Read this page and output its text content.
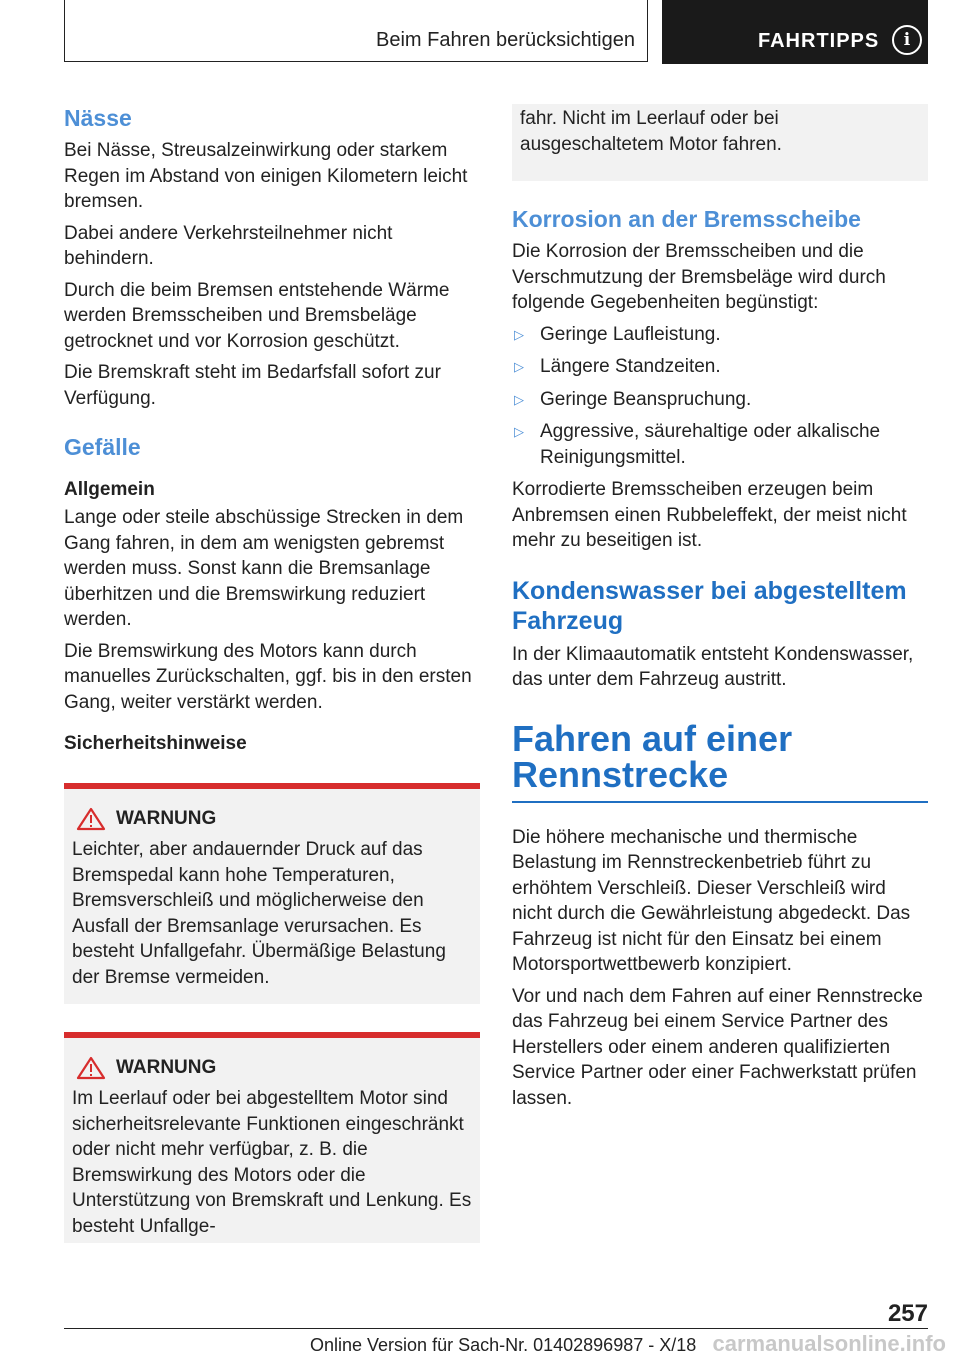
Beim Fahren berücksichtigen	FAHRTIPPS	i
Nässe

Bei Nässe, Streusalzeinwirkung oder starkem Regen im Abstand von einigen Kilometern leicht bremsen.

Dabei andere Verkehrsteilnehmer nicht behindern.

Durch die beim Bremsen entstehende Wärme werden Bremsscheiben und Bremsbeläge getrocknet und vor Korrosion geschützt.

Die Bremskraft steht im Bedarfsfall sofort zur Verfügung.

Gefälle
Allgemein

Lange oder steile abschüssige Strecken in dem Gang fahren, in dem am wenigsten gebremst werden muss. Sonst kann die Bremsanlage überhitzen und die Bremswirkung reduziert werden.

Die Bremswirkung des Motors kann durch manuelles Zurückschalten, ggf. bis in den ersten Gang, weiter verstärkt werden.

Sicherheitshinweise
WARNUNG

Leichter, aber andauernder Druck auf das Bremspedal kann hohe Temperaturen, Bremsverschleiß und möglicherweise den Ausfall der Bremsanlage verursachen. Es besteht Unfallgefahr. Übermäßige Belastung der Bremse vermeiden.

WARNUNG

Im Leerlauf oder bei abgestelltem Motor sind sicherheitsrelevante Funktionen eingeschränkt oder nicht mehr verfügbar, z. B. die Bremswirkung des Motors oder die Unterstützung von Bremskraft und Lenkung. Es besteht Unfallge-

fahr. Nicht im Leerlauf oder bei ausgeschaltetem Motor fahren.

Korrosion an der Bremsscheibe

Die Korrosion der Bremsscheiben und die Verschmutzung der Bremsbeläge wird durch folgende Gegebenheiten begünstigt:

▷ Geringe Laufleistung.
▷ Längere Standzeiten.
▷ Geringe Beanspruchung.
▷ Aggressive, säurehaltige oder alkalische Reinigungsmittel.

Korrodierte Bremsscheiben erzeugen beim Anbremsen einen Rubbeleffekt, der meist nicht mehr zu beseitigen ist.

Kondenswasser bei abgestelltem Fahrzeug

In der Klimaautomatik entsteht Kondenswasser, das unter dem Fahrzeug austritt.

Fahren auf einer Rennstrecke

Die höhere mechanische und thermische Belastung im Rennstreckenbetrieb führt zu erhöhtem Verschleiß. Dieser Verschleiß wird nicht durch die Gewährleistung abgedeckt. Das Fahrzeug ist nicht für den Einsatz bei einem Motorsportwettbewerb konzipiert.

Vor und nach dem Fahren auf einer Rennstrecke das Fahrzeug bei einem Service Partner des Herstellers oder einem anderen qualifizierten Service Partner oder einer Fachwerkstatt prüfen lassen.

257
Online Version für Sach-Nr. 01402896987 - X/18 carmanualsonline.info
